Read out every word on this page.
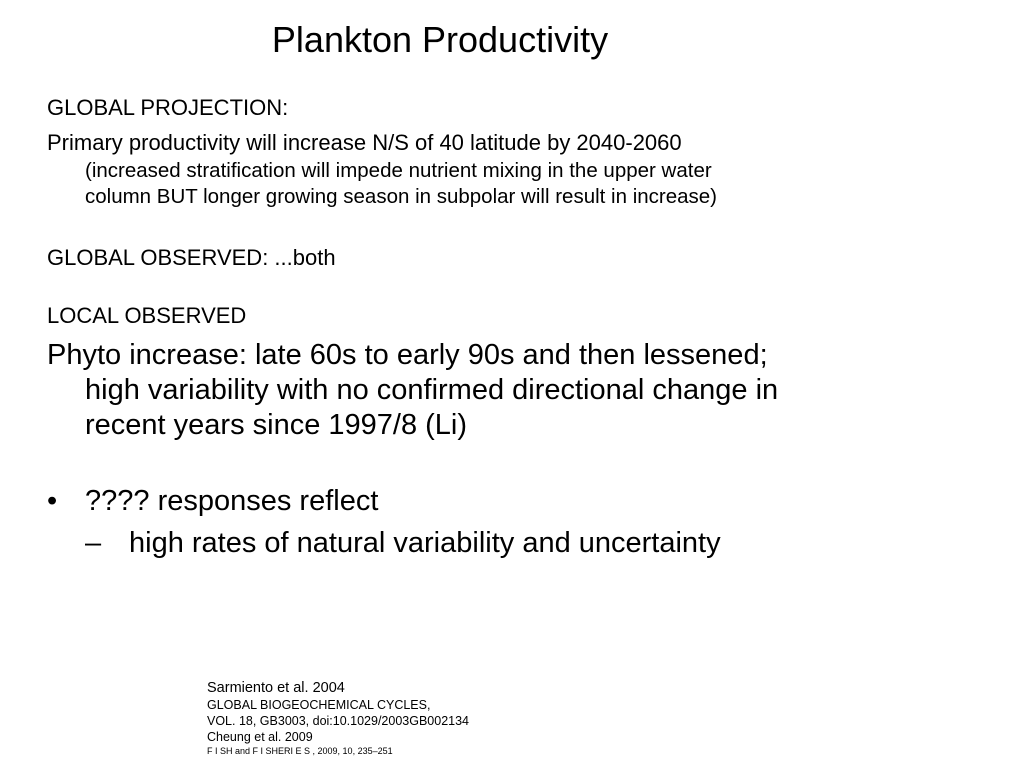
Plankton Productivity

GLOBAL PROJECTION:

Primary productivity will increase N/S of 40 latitude by 2040-2060

(increased stratification will impede nutrient mixing in the upper water
column BUT longer growing season in subpolar will result in increase)

GLOBAL OBSERVED: ...both

LOCAL OBSERVED

Phyto increase: late 60s to early 90s and then lessened;
high variability with no confirmed directional change in
recent years since 1997/8 (Li)
• ???? responses reflect
– high rates of natural variability and uncertainty
Sarmiento et al. 2004
GLOBAL BIOGEOCHEMICAL CYCLES,
VOL. 18, GB3003, doi:10.1029/2003GB002134
Cheung et al. 2009
F I SH and F I SHERI E S , 2009, 10, 235–251
